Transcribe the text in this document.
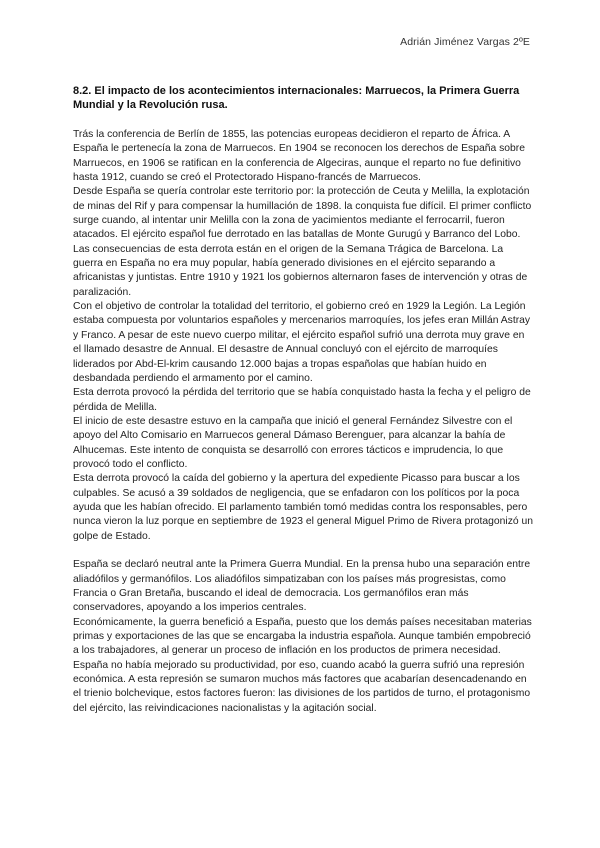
Adrián Jiménez Vargas 2ºE
8.2. El impacto de los acontecimientos internacionales: Marruecos, la Primera Guerra Mundial y la Revolución rusa.

Trás la conferencia de Berlín de 1855, las potencias europeas decidieron el reparto de África. A España le pertenecía la zona de Marruecos. En 1904 se reconocen los derechos de España sobre Marruecos, en 1906 se ratifican en la conferencia de Algeciras, aunque el reparto no fue definitivo hasta 1912, cuando se creó el Protectorado Hispano-francés de Marruecos.

Desde España se quería controlar este territorio por: la protección de Ceuta y Melilla, la explotación de minas del Rif y para compensar la humillación de 1898. la conquista fue difícil. El primer conflicto surge cuando, al intentar unir Melilla con la zona de yacimientos mediante el ferrocarril, fueron atacados. El ejército español fue derrotado en las batallas de Monte Gurugú y Barranco del Lobo. Las consecuencias de esta derrota están en el origen de la Semana Trágica de Barcelona. La guerra en España no era muy popular, había generado divisiones en el ejército separando a africanistas y juntistas. Entre 1910 y 1921 los gobiernos alternaron fases de intervención y otras de paralización.

Con el objetivo de controlar la totalidad del territorio, el gobierno creó en 1929 la Legión. La Legión estaba compuesta por voluntarios españoles y mercenarios marroquíes, los jefes eran Millán Astray y Franco. A pesar de este nuevo cuerpo militar, el ejército español sufrió una derrota muy grave en el llamado desastre de Annual. El desastre de Annual concluyó con el ejército de marroquíes liderados por Abd-El-krim causando 12.000 bajas a tropas españolas que habían huido en desbandada perdiendo el armamento por el camino.

Esta derrota provocó la pérdida del territorio que se había conquistado hasta la fecha y el peligro de pérdida de Melilla.

El inicio de este desastre estuvo en la campaña que inició el general Fernández Silvestre con el apoyo del Alto Comisario en Marruecos general Dámaso Berenguer, para alcanzar la bahía de Alhucemas. Este intento de conquista se desarrolló con errores tácticos e imprudencia, lo que provocó todo el conflicto.

Esta derrota provocó la caída del gobierno y la apertura del expediente Picasso para buscar a los culpables. Se acusó a 39 soldados de negligencia, que se enfadaron con los políticos por la poca ayuda que les habían ofrecido. El parlamento también tomó medidas contra los responsables, pero nunca vieron la luz porque en septiembre de 1923 el general Miguel Primo de Rivera protagonizó un golpe de Estado.

España se declaró neutral ante la Primera Guerra Mundial. En la prensa hubo una separación entre aliadófilos y germanófilos. Los aliadófilos simpatizaban con los países más progresistas, como Francia o Gran Bretaña, buscando el ideal de democracia. Los germanófilos eran más conservadores, apoyando a los imperios centrales.

Económicamente, la guerra benefició a España, puesto que los demás países necesitaban materias primas y exportaciones de las que se encargaba la industria española. Aunque también empobreció a los trabajadores, al generar un proceso de inflación en los productos de primera necesidad.

España no había mejorado su productividad, por eso, cuando acabó la guerra sufrió una represión económica. A esta represión se sumaron muchos más factores que acabarían desencadenando en el trienio bolchevique, estos factores fueron: las divisiones de los partidos de turno, el protagonismo del ejército, las reivindicaciones nacionalistas y la agitación social.
